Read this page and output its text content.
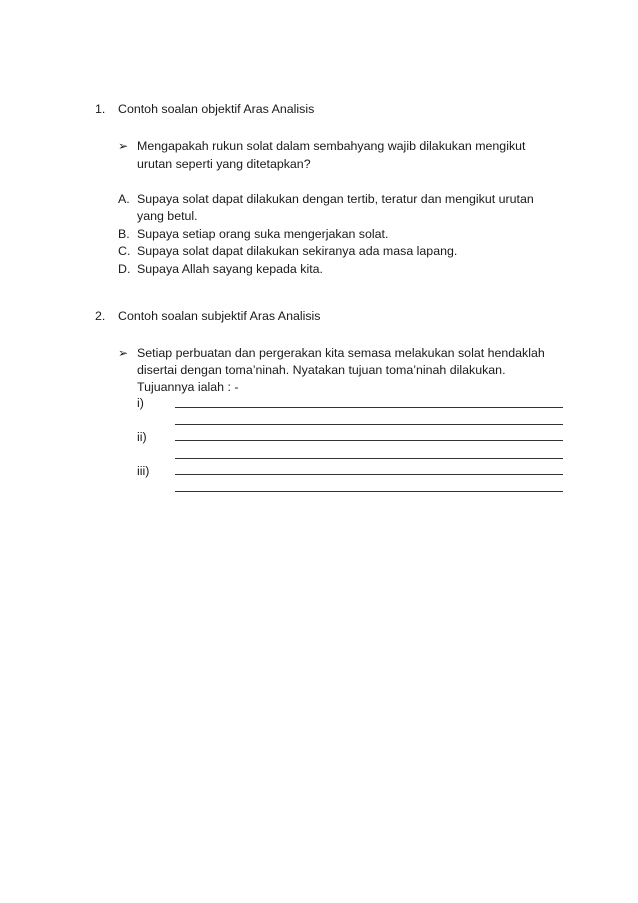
1. Contoh soalan objektif Aras Analisis
➢ Mengapakah rukun solat dalam sembahyang wajib dilakukan mengikut
urutan seperti yang ditetapkan?
A. Supaya solat dapat dilakukan dengan tertib, teratur dan mengikut urutan
yang betul.
B. Supaya setiap orang suka mengerjakan solat.
C. Supaya solat dapat dilakukan sekiranya ada masa lapang.
D. Supaya Allah sayang kepada kita.
2. Contoh soalan subjektif Aras Analisis
➢ Setiap perbuatan dan pergerakan kita semasa melakukan solat hendaklah
disertai dengan toma’ninah. Nyatakan tujuan toma’ninah dilakukan.
Tujuannya ialah : -
i)
ii)
iii)
